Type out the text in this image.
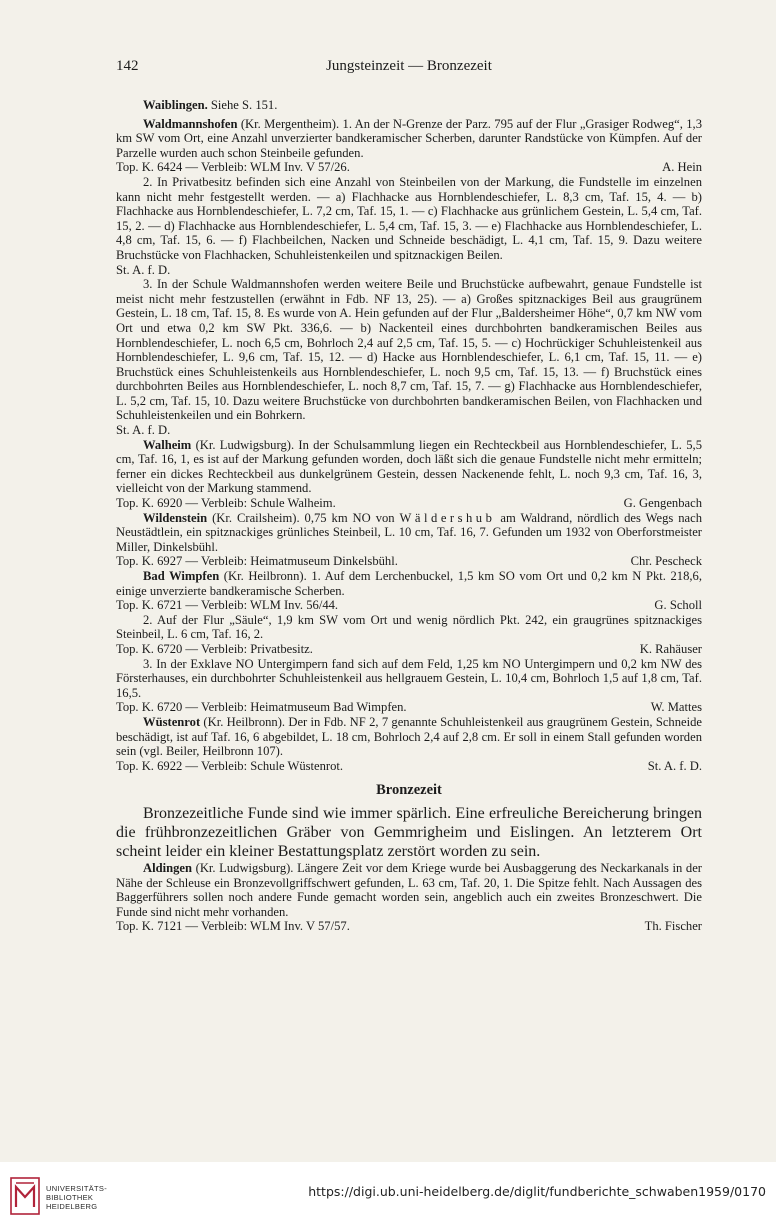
142	Jungsteinzeit — Bronzezeit

Waiblingen. Siehe S. 151.

Waldmannshofen (Kr. Mergentheim). 1. An der N-Grenze der Parz. 795 auf der Flur „Grasiger Rodweg“, 1,3 km SW vom Ort, eine Anzahl unverzierter bandkeramischer Scherben, darunter Randstücke von Kümpfen. Auf der Parzelle wurden auch schon Steinbeile gefunden.

Top. K. 6424 — Verbleib: WLM Inv. V 57/26.	A. Hein

2. In Privatbesitz befinden sich eine Anzahl von Steinbeilen von der Markung, die Fundstelle im einzelnen kann nicht mehr festgestellt werden. — a) Flachhacke aus Hornblendeschiefer, L. 8,3 cm, Taf. 15, 4. — b) Flachhacke aus Hornblendeschiefer, L. 7,2 cm, Taf. 15, 1. — c) Flachhacke aus grünlichem Gestein, L. 5,4 cm, Taf. 15, 2. — d) Flachhacke aus Hornblendeschiefer, L. 5,4 cm, Taf. 15, 3. — e) Flachhacke aus Hornblendeschiefer, L. 4,8 cm, Taf. 15, 6. — f) Flachbeilchen, Nacken und Schneide beschädigt, L. 4,1 cm, Taf. 15, 9. Dazu weitere Bruchstücke von Flachhacken, Schuhleistenkeilen und spitznackigen Beilen.

St. A. f. D.

3. In der Schule Waldmannshofen werden weitere Beile und Bruchstücke aufbewahrt, genaue Fundstelle ist meist nicht mehr festzustellen (erwähnt in Fdb. NF 13, 25). — a) Großes spitznackiges Beil aus graugrünem Gestein, L. 18 cm, Taf. 15, 8. Es wurde von A. Hein gefunden auf der Flur „Baldersheimer Höhe“, 0,7 km NW vom Ort und etwa 0,2 km SW Pkt. 336,6. — b) Nackenteil eines durchbohrten bandkeramischen Beiles aus Hornblendeschiefer, L. noch 6,5 cm, Bohrloch 2,4 auf 2,5 cm, Taf. 15, 5. — c) Hochrückiger Schuhleistenkeil aus Hornblendeschiefer, L. 9,6 cm, Taf. 15, 12. — d) Hacke aus Hornblendeschiefer, L. 6,1 cm, Taf. 15, 11. — e) Bruchstück eines Schuhleistenkeils aus Hornblendeschiefer, L. noch 9,5 cm, Taf. 15, 13. — f) Bruchstück eines durchbohrten Beiles aus Hornblendeschiefer, L. noch 8,7 cm, Taf. 15, 7. — g) Flachhacke aus Hornblendeschiefer, L. 5,2 cm, Taf. 15, 10. Dazu weitere Bruchstücke von durchbohrten bandkeramischen Beilen, von Flachhacken und Schuhleistenkeilen und ein Bohrkern.

St. A. f. D.

Walheim (Kr. Ludwigsburg). In der Schulsammlung liegen ein Rechteckbeil aus Hornblendeschiefer, L. 5,5 cm, Taf. 16, 1, es ist auf der Markung gefunden worden, doch läßt sich die genaue Fundstelle nicht mehr ermitteln; ferner ein dickes Rechteckbeil aus dunkelgrünem Gestein, dessen Nackenende fehlt, L. noch 9,3 cm, Taf. 16, 3, vielleicht von der Markung stammend.

Top. K. 6920 — Verbleib: Schule Walheim.	G. Gengenbach

Wildenstein (Kr. Crailsheim). 0,75 km NO von Wäldershub am Waldrand, nördlich des Wegs nach Neustädtlein, ein spitznackiges grünliches Steinbeil, L. 10 cm, Taf. 16, 7. Gefunden um 1932 von Oberforstmeister Miller, Dinkelsbühl.

Top. K. 6927 — Verbleib: Heimatmuseum Dinkelsbühl.	Chr. Pescheck

Bad Wimpfen (Kr. Heilbronn). 1. Auf dem Lerchenbuckel, 1,5 km SO vom Ort und 0,2 km N Pkt. 218,6, einige unverzierte bandkeramische Scherben.

Top. K. 6721 — Verbleib: WLM Inv. 56/44.	G. Scholl

2. Auf der Flur „Säule“, 1,9 km SW vom Ort und wenig nördlich Pkt. 242, ein graugrünes spitznackiges Steinbeil, L. 6 cm, Taf. 16, 2.

Top. K. 6720 — Verbleib: Privatbesitz.	K. Rahäuser

3. In der Exklave NO Untergimpern fand sich auf dem Feld, 1,25 km NO Untergimpern und 0,2 km NW des Försterhauses, ein durchbohrter Schuhleistenkeil aus hellgrauem Gestein, L. 10,4 cm, Bohrloch 1,5 auf 1,8 cm, Taf. 16,5.

Top. K. 6720 — Verbleib: Heimatmuseum Bad Wimpfen.	W. Mattes

Wüstenrot (Kr. Heilbronn). Der in Fdb. NF 2, 7 genannte Schuhleistenkeil aus graugrünem Gestein, Schneide beschädigt, ist auf Taf. 16, 6 abgebildet, L. 18 cm, Bohrloch 2,4 auf 2,8 cm. Er soll in einem Stall gefunden worden sein (vgl. Beiler, Heilbronn 107).

Top. K. 6922 — Verbleib: Schule Wüstenrot.	St. A. f. D.
Bronzezeit

Bronzezeitliche Funde sind wie immer spärlich. Eine erfreuliche Bereicherung bringen die frühbronzezeitlichen Gräber von Gemmrigheim und Eislingen. An letzterem Ort scheint leider ein kleiner Bestattungsplatz zerstört worden zu sein.

Aldingen (Kr. Ludwigsburg). Längere Zeit vor dem Kriege wurde bei Ausbaggerung des Neckarkanals in der Nähe der Schleuse ein Bronzevollgriffschwert gefunden, L. 63 cm, Taf. 20, 1. Die Spitze fehlt. Nach Aussagen des Baggerführers sollen noch andere Funde gemacht worden sein, angeblich auch ein zweites Bronzeschwert. Die Funde sind nicht mehr vorhanden.

Top. K. 7121 — Verbleib: WLM Inv. V 57/57.	Th. Fischer
UNIVERSITÄTS-
BIBLIOTHEK
HEIDELBERG
https://digi.ub.uni-heidelberg.de/diglit/fundberichte_schwaben1959/0170
